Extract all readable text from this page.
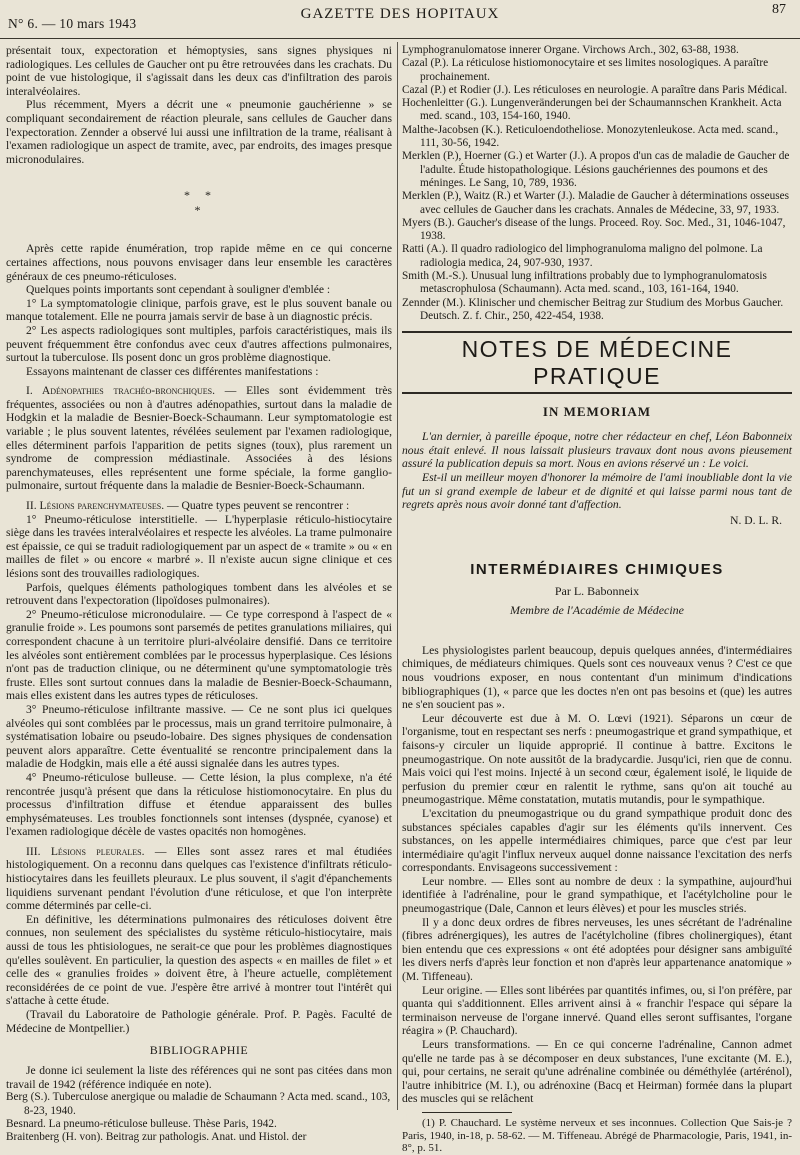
N° 6. — 10 mars 1943
GAZETTE DES HOPITAUX	87

présentait toux, expectoration et hémoptysies, sans signes physiques ni radiologiques. Les cellules de Gaucher ont pu être retrouvées dans les crachats. Du point de vue histologique, il s'agissait dans les deux cas d'infiltration des parois interalvéolaires.

Plus récemment, Myers a décrit une « pneumonie gauchérienne » se compliquant secondairement de réaction pleurale, sans cellules de Gaucher dans l'expectoration. Zennder a observé lui aussi une infiltration de la trame, réalisant à l'examen radiologique un aspect de tramite, avec, par endroits, des images presque micronodulaires.

*  *
*

Après cette rapide énumération, trop rapide même en ce qui concerne certaines affections, nous pouvons envisager dans leur ensemble les caractères généraux de ces pneumo-réticuloses.

Quelques points importants sont cependant à souligner d'emblée :

1° La symptomatologie clinique, parfois grave, est le plus souvent banale ou manque totalement. Elle ne pourra jamais servir de base à un diagnostic précis.

2° Les aspects radiologiques sont multiples, parfois caractéristiques, mais ils peuvent fréquemment être confondus avec ceux d'autres affections pulmonaires, surtout la tuberculose. Ils posent donc un gros problème diagnostique.

Essayons maintenant de classer ces différentes manifestations :

I. Adénopathies trachéo-bronchiques. — Elles sont évidemment très fréquentes, associées ou non à d'autres adénopathies, surtout dans la maladie de Hodgkin et la maladie de Besnier-Boeck-Schaumann. Leur symptomatologie est variable ; le plus souvent latentes, révélées seulement par l'examen radiologique, elles déterminent parfois l'apparition de petits signes (toux), plus rarement un syndrome de compression médiastinale. Associées à des lésions parenchymateuses, elles représentent une forme spéciale, la forme ganglio-pulmonaire, surtout fréquente dans la maladie de Besnier-Boeck-Schaumann.

II. Lésions parenchymateuses. — Quatre types peuvent se rencontrer :

1° Pneumo-réticulose interstitielle. — L'hyperplasie réticulo-histiocytaire siège dans les travées interalvéolaires et respecte les alvéoles. La trame pulmonaire est épaissie, ce qui se traduit radiologiquement par un aspect de « tramite » ou « en mailles de filet » ou encore « marbré ». Il n'existe aucun signe clinique et ces lésions sont des trouvailles radiologiques.

Parfois, quelques éléments pathologiques tombent dans les alvéoles et se retrouvent dans l'expectoration (lipoïdoses pulmonaires).

2° Pneumo-réticulose micronodulaire. — Ce type correspond à l'aspect de « granulie froide ». Les poumons sont parsemés de petites granulations miliaires, qui correspondent chacune à un territoire pluri-alvéolaire densifié. Dans ce territoire les alvéoles sont entièrement comblées par le processus hyperplasique. Ces lésions n'ont pas de traduction clinique, ou ne déterminent qu'une symptomatologie très fruste. Elles sont surtout connues dans la maladie de Besnier-Boeck-Schaumann, mais elles existent dans les autres types de réticuloses.

3° Pneumo-réticulose infiltrante massive. — Ce ne sont plus ici quelques alvéoles qui sont comblées par le processus, mais un grand territoire pulmonaire, à systématisation lobaire ou pseudo-lobaire. Des signes physiques de condensation peuvent alors apparaître. Cette éventualité se rencontre principalement dans la maladie de Hodgkin, mais elle a été aussi signalée dans les autres types.

4° Pneumo-réticulose bulleuse. — Cette lésion, la plus complexe, n'a été rencontrée jusqu'à présent que dans la réticulose histiomonocytaire. En plus du processus d'infiltration diffuse et étendue apparaissent des bulles emphysémateuses. Les troubles fonctionnels sont intenses (dyspnée, cyanose) et l'examen radiologique décèle de vastes opacités non homogènes.

III. Lésions pleurales. — Elles sont assez rares et mal étudiées histologiquement. On a reconnu dans quelques cas l'existence d'infiltrats réticulo-histiocytaires dans les feuillets pleuraux. Le plus souvent, il s'agit d'épanchements liquidiens survenant pendant l'évolution d'une réticulose, et que l'on interprète comme déterminés par celle-ci.

En définitive, les déterminations pulmonaires des réticuloses doivent être connues, non seulement des spécialistes du système réticulo-histiocytaire, mais aussi de tous les phtisiologues, ne serait-ce que pour les problèmes diagnostiques qu'elles soulèvent. En particulier, la question des aspects « en mailles de filet » et celle des « granulies froides » doivent être, à l'heure actuelle, complètement reconsidérées de ce point de vue. J'espère être arrivé à montrer tout l'intérêt qui s'attache à cette étude.

(Travail du Laboratoire de Pathologie générale. Prof. P. Pagès. Faculté de Médecine de Montpellier.)

BIBLIOGRAPHIE

Je donne ici seulement la liste des références qui ne sont pas citées dans mon travail de 1942 (référence indiquée en note).

Berg (S.). Tuberculose anergique ou maladie de Schaumann ? Acta med. scand., 103, 8-23, 1940.

Besnard. La pneumo-réticulose bulleuse. Thèse Paris, 1942.

Braitenberg (H. von). Beitrag zur pathologis. Anat. und Histol. der

Lymphogranulomatose innerer Organe. Virchows Arch., 302, 63-88, 1938.

Cazal (P.). La réticulose histiomonocytaire et ses limites nosologiques. A paraître prochainement.

Cazal (P.) et Rodier (J.). Les réticuloses en neurologie. A paraître dans Paris Médical.

Hochenleitter (G.). Lungenveränderungen bei der Schaumannschen Krankheit. Acta med. scand., 103, 154-160, 1940.

Malthe-Jacobsen (K.). Reticuloendotheliose. Monozytenleukose. Acta med. scand., 111, 30-56, 1942.

Merklen (P.), Hoerner (G.) et Warter (J.). A propos d'un cas de maladie de Gaucher de l'adulte. Étude histopathologique. Lésions gauchériennes des poumons et des méninges. Le Sang, 10, 789, 1936.

Merklen (P.), Waitz (R.) et Warter (J.). Maladie de Gaucher à déterminations osseuses avec cellules de Gaucher dans les crachats. Annales de Médecine, 33, 97, 1933.

Myers (B.). Gaucher's disease of the lungs. Proceed. Roy. Soc. Med., 31, 1046-1047, 1938.

Ratti (A.). Il quadro radiologico del limphogranuloma maligno del polmone. La radiologia medica, 24, 907-930, 1937.

Smith (M.-S.). Unusual lung infiltrations probably due to lymphogranulomatosis metascrophulosa (Schaumann). Acta med. scand., 103, 161-164, 1940.

Zennder (M.). Klinischer und chemischer Beitrag zur Studium des Morbus Gaucher. Deutsch. Z. f. Chir., 250, 422-454, 1938.

NOTES DE MÉDECINE PRATIQUE
IN MEMORIAM

L'an dernier, à pareille époque, notre cher rédacteur en chef, Léon Babonneix nous était enlevé. Il nous laissait plusieurs travaux dont nous avons pieusement assuré la publication depuis sa mort. Nous en avions réservé un : Le voici.

Est-il un meilleur moyen d'honorer la mémoire de l'ami inoubliable dont la vie fut un si grand exemple de labeur et de dignité et qui laisse parmi nous tant de regrets après nous avoir donné tant d'affection.

N. D. L. R.
INTERMÉDIAIRES CHIMIQUES
Par L. Babonneix
Membre de l'Académie de Médecine

Les physiologistes parlent beaucoup, depuis quelques années, d'intermédiaires chimiques, de médiateurs chimiques. Quels sont ces nouveaux venus ? C'est ce que nous voudrions exposer, en nous contentant d'un minimum d'indications bibliographiques (1), « parce que les doctes n'en ont pas besoins et (que) les autres ne s'en soucient pas ».

Leur découverte est due à M. O. Lœvi (1921). Séparons un cœur de l'organisme, tout en respectant ses nerfs : pneumogastrique et grand sympathique, et faisons-y circuler un liquide approprié. Il continue à battre. Excitons le pneumogastrique. On note aussitôt de la bradycardie. Jusqu'ici, rien que de connu. Mais voici qui l'est moins. Injecté à un second cœur, également isolé, le liquide de perfusion du premier cœur en ralentit le rythme, sans qu'on ait touché au pneumogastrique. Même constatation, mutatis mutandis, pour le sympathique.

L'excitation du pneumogastrique ou du grand sympathique produit donc des substances spéciales capables d'agir sur les éléments qu'ils innervent. Ces substances, on les appelle intermédiaires chimiques, parce que c'est par leur intermédiaire qu'agit l'influx nerveux auquel donne naissance l'excitation des nerfs correspondants. Envisageons successivement :

Leur nombre. — Elles sont au nombre de deux : la sympathine, aujourd'hui identifiée à l'adrénaline, pour le grand sympathique, et l'acétylcholine pour le pneumogastrique (Dale, Cannon et leurs élèves) et pour les muscles striés.

Il y a donc deux ordres de fibres nerveuses, les unes sécrétant de l'adrénaline (fibres adrénergiques), les autres de l'acétylcholine (fibres cholinergiques), étant bien entendu que ces expressions « ont été adoptées pour désigner sans ambiguïté les divers nerfs d'après leur fonction et non d'après leur appartenance anatomique » (M. Tiffeneau).

Leur origine. — Elles sont libérées par quantités infimes, ou, si l'on préfère, par quanta qui s'additionnent. Elles arrivent ainsi à « franchir l'espace qui sépare la terminaison nerveuse de l'organe innervé. Quand elles seront suffisantes, l'organe réagira » (P. Chauchard).

Leurs transformations. — En ce qui concerne l'adrénaline, Cannon admet qu'elle ne tarde pas à se décomposer en deux substances, l'une excitante (M. E.), qui, pour certains, ne serait qu'une adrénaline combinée ou déméthylée (artérénol), l'autre inhibitrice (M. I.), ou adrénoxine (Bacq et Heirman) formée dans la plupart des muscles qui se relâchent

(1) P. Chauchard. Le système nerveux et ses inconnues. Collection Que Sais-je ? Paris, 1940, in-18, p. 58-62. — M. Tiffeneau. Abrégé de Pharmacologie, Paris, 1941, in-8°, p. 51.
